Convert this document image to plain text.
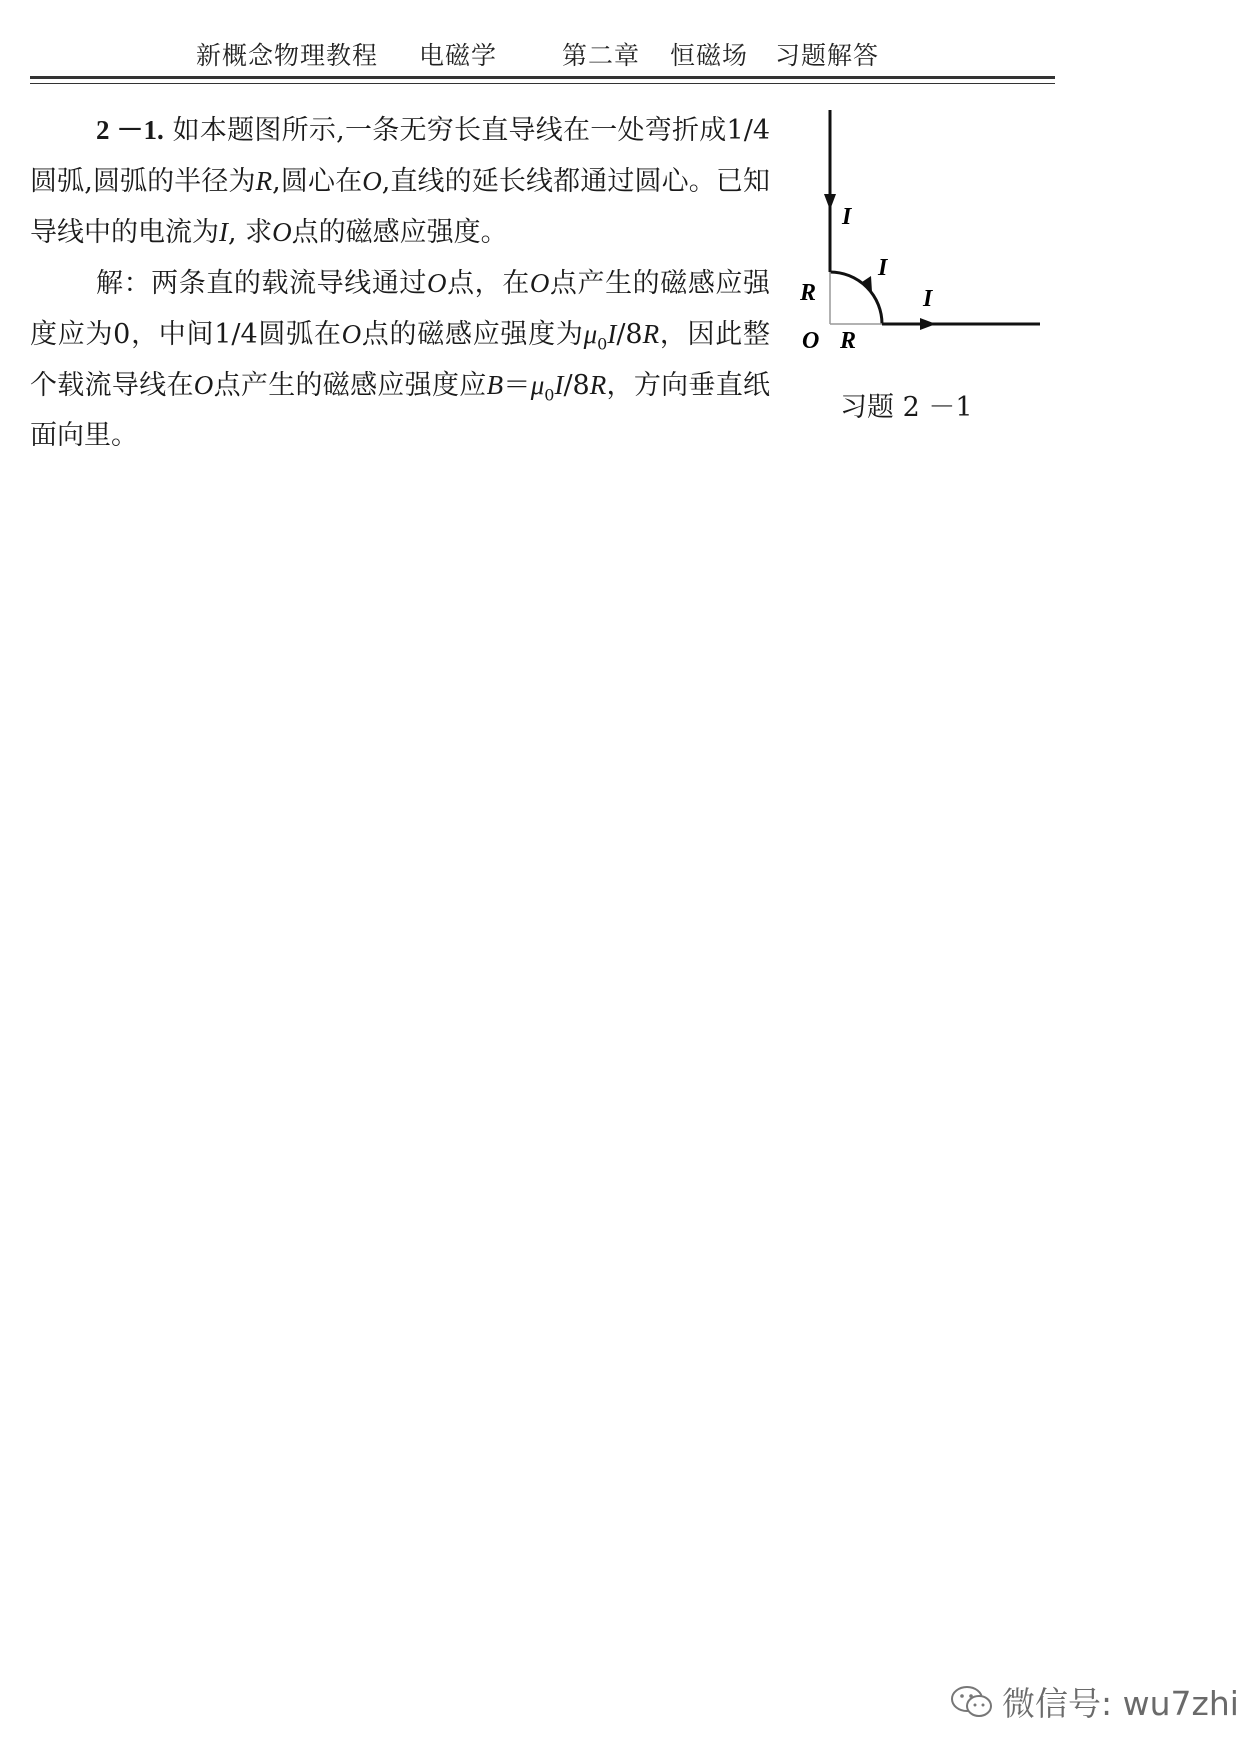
新概念物理教程 电磁学	第二章 恒磁场 习题解答

2 －1. 如本题图所示,一条无穷长直导线在一处弯折成1/4圆弧,圆弧的半径为R,圆心在O,直线的延长线都通过圆心。已知导线中的电流为I, 求O点的磁感应强度。

解：两条直的载流导线通过O点，在O点产生的磁感应强度应为0，中间1/4圆弧在O点的磁感应强度为$\mu_0I/8R$，因此整个载流导线在O点产生的磁感应强度应$B=\mu_0I/8R$，方向垂直纸面向里。

I
I
I
R
O R
习题 2 －1
微信号: wu7zhi
